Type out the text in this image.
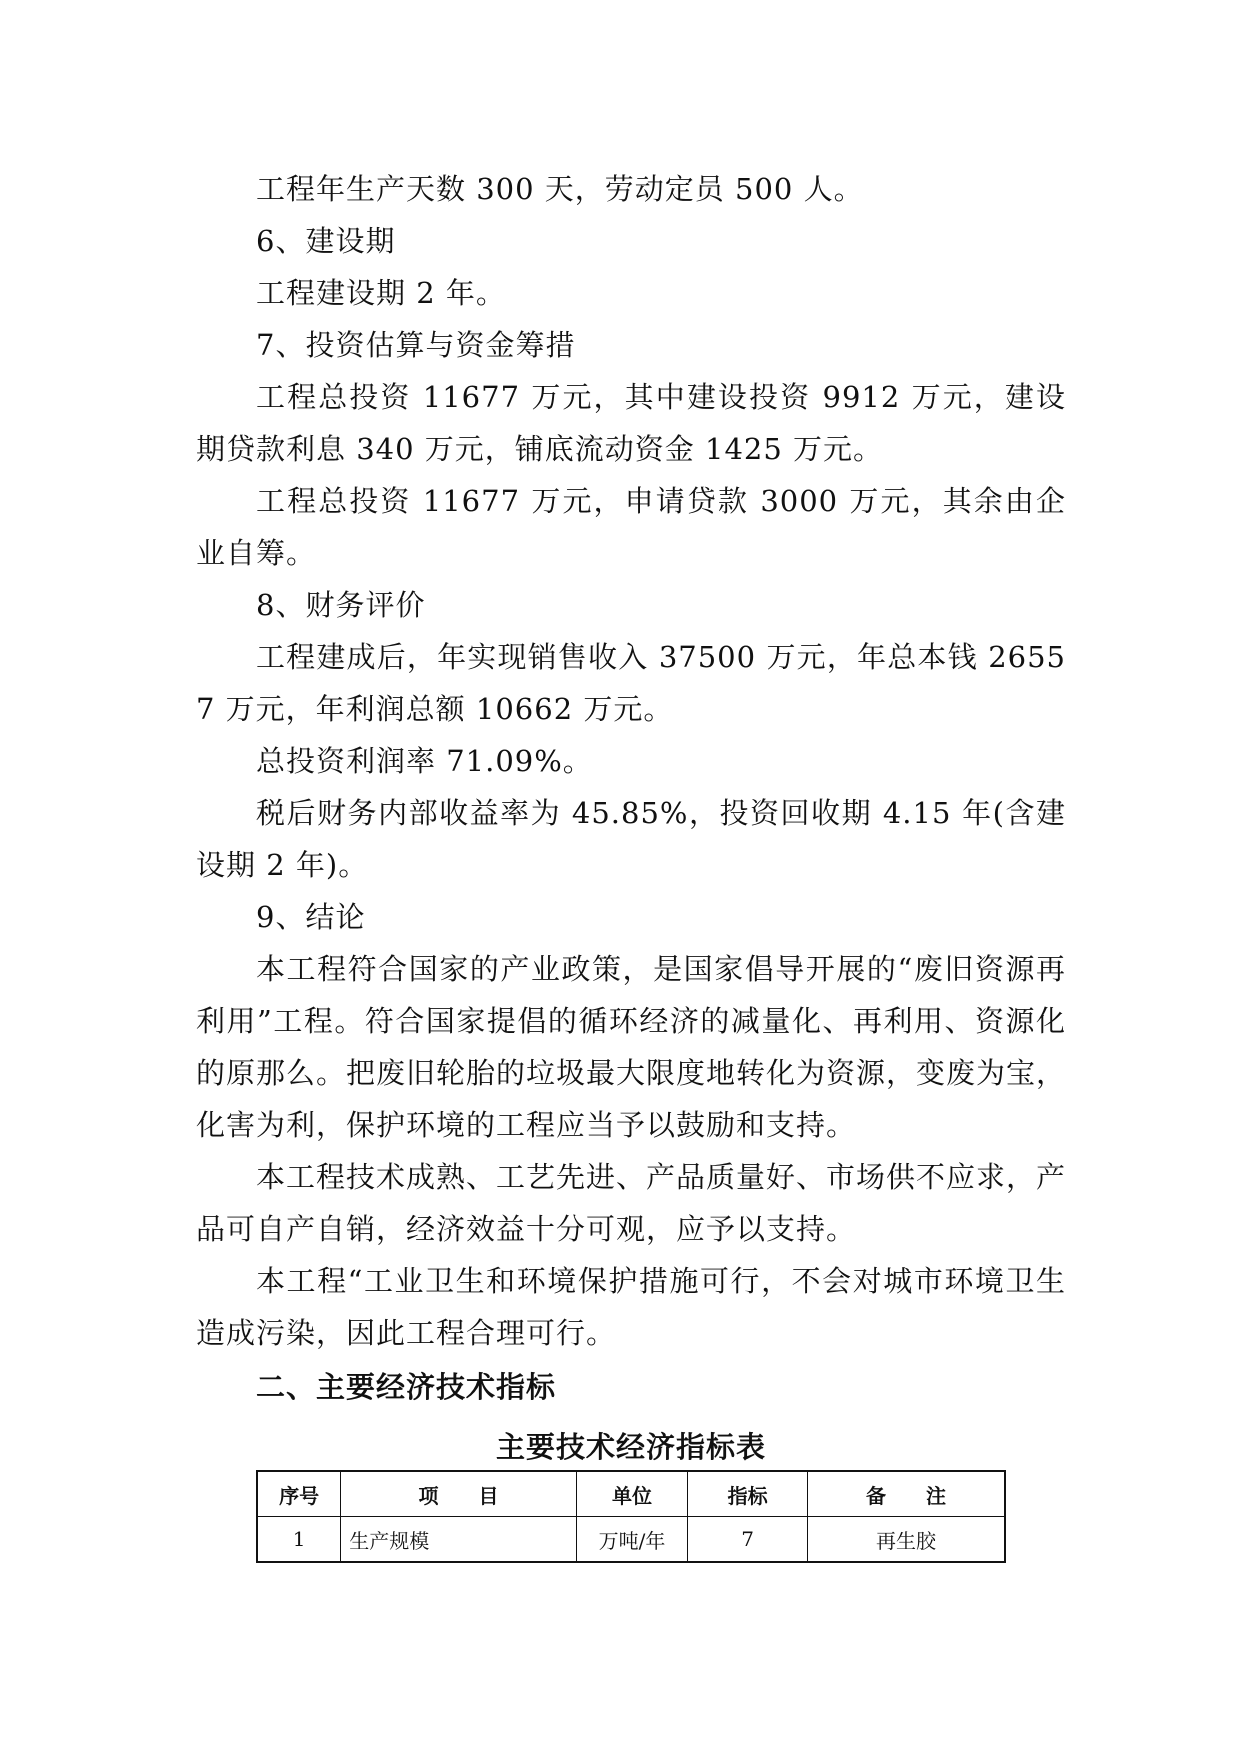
工程年生产天数 300 天，劳动定员 500 人。

6、建设期

工程建设期 2 年。

7、投资估算与资金筹措

工程总投资 11677 万元，其中建设投资 9912 万元，建设期贷款利息 340 万元，铺底流动资金 1425 万元。

工程总投资 11677 万元，申请贷款 3000 万元，其余由企业自筹。

8、财务评价

工程建成后，年实现销售收入 37500 万元，年总本钱 26557 万元，年利润总额 10662 万元。

总投资利润率 71.09%。

税后财务内部收益率为 45.85%，投资回收期 4.15 年(含建设期 2 年)。

9、结论

本工程符合国家的产业政策，是国家倡导开展的“废旧资源再利用”工程。符合国家提倡的循环经济的减量化、再利用、资源化的原那么。把废旧轮胎的垃圾最大限度地转化为资源，变废为宝，化害为利，保护环境的工程应当予以鼓励和支持。

本工程技术成熟、工艺先进、产品质量好、市场供不应求，产品可自产自销，经济效益十分可观，应予以支持。

本工程“工业卫生和环境保护措施可行，不会对城市环境卫生造成污染，因此工程合理可行。

二、主要经济技术指标

主要技术经济指标表

序号	项　　目	单位	指标	备　　注
1	生产规模	万吨/年	7	再生胶
